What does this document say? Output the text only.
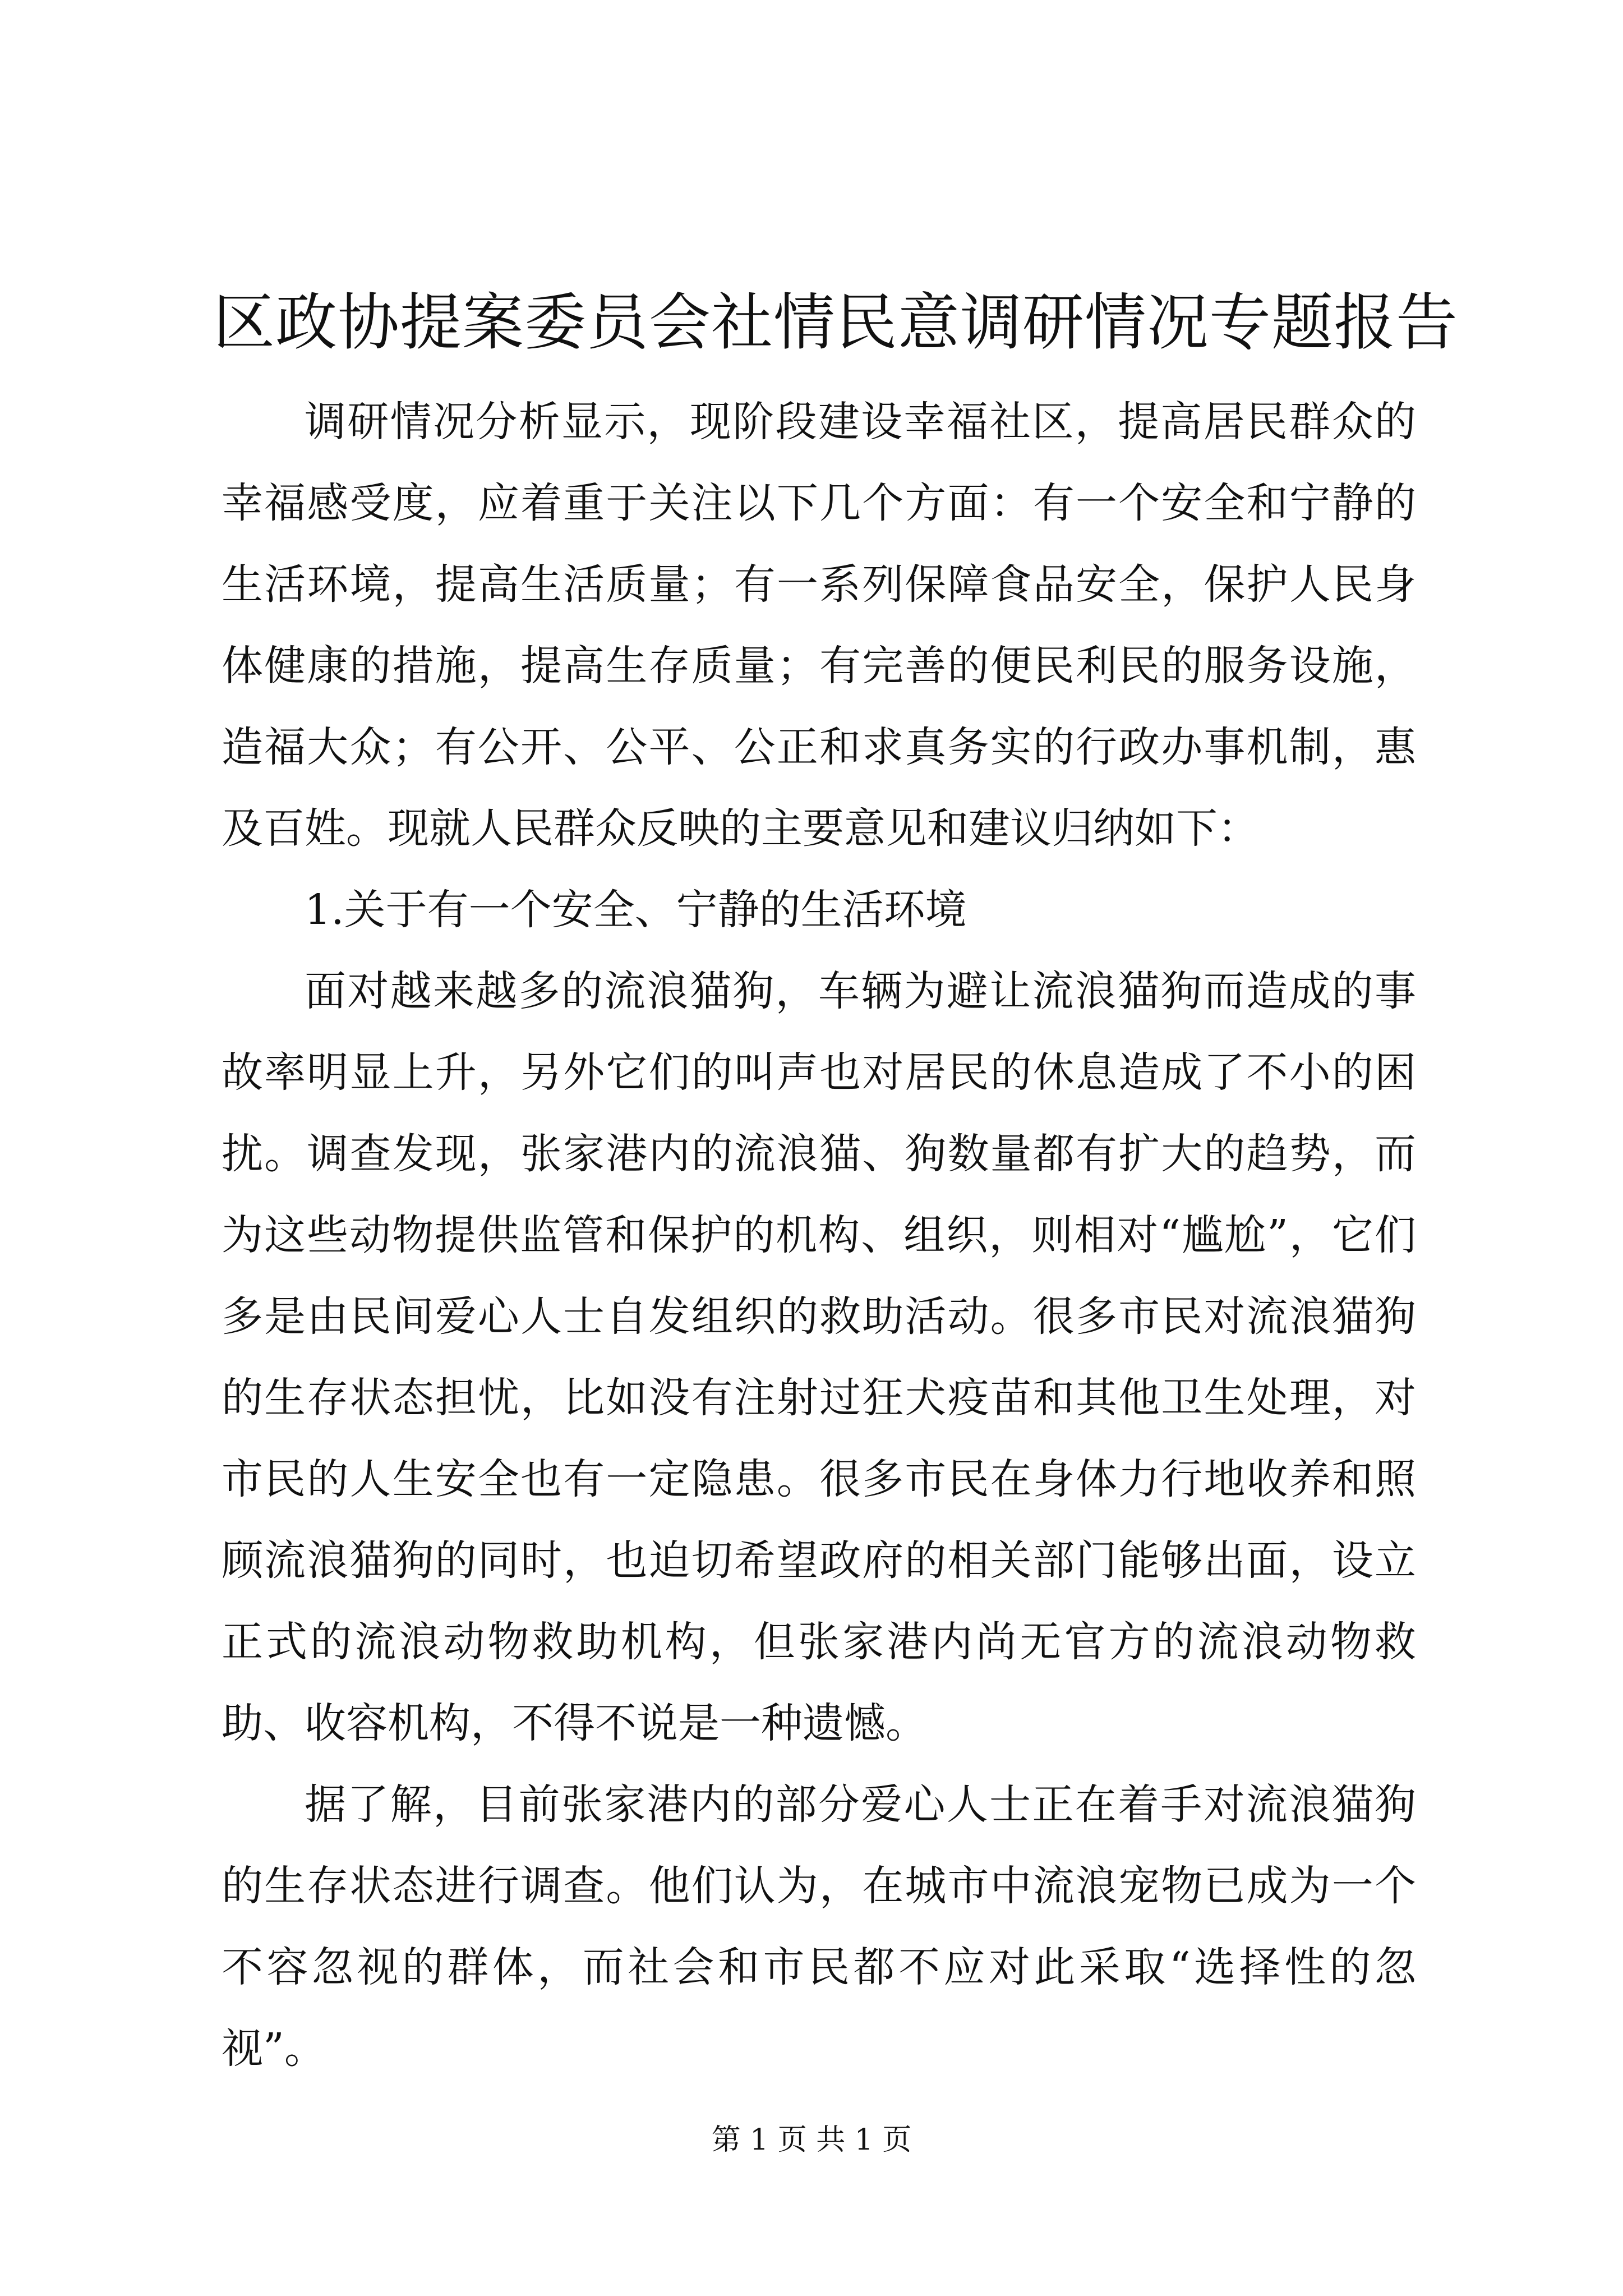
区政协提案委员会社情民意调研情况专题报告

调研情况分析显示，现阶段建设幸福社区，提高居民群众的幸福感受度，应着重于关注以下几个方面：有一个安全和宁静的生活环境，提高生活质量；有一系列保障食品安全，保护人民身体健康的措施，提高生存质量；有完善的便民利民的服务设施，造福大众；有公开、公平、公正和求真务实的行政办事机制，惠及百姓。现就人民群众反映的主要意见和建议归纳如下：

1.关于有一个安全、宁静的生活环境

面对越来越多的流浪猫狗，车辆为避让流浪猫狗而造成的事故率明显上升，另外它们的叫声也对居民的休息造成了不小的困扰。调查发现，张家港内的流浪猫、狗数量都有扩大的趋势，而为这些动物提供监管和保护的机构、组织，则相对“尴尬”，它们多是由民间爱心人士自发组织的救助活动。很多市民对流浪猫狗的生存状态担忧，比如没有注射过狂犬疫苗和其他卫生处理，对市民的人生安全也有一定隐患。很多市民在身体力行地收养和照顾流浪猫狗的同时，也迫切希望政府的相关部门能够出面，设立正式的流浪动物救助机构，但张家港内尚无官方的流浪动物救助、收容机构，不得不说是一种遗憾。

据了解，目前张家港内的部分爱心人士正在着手对流浪猫狗的生存状态进行调查。他们认为，在城市中流浪宠物已成为一个不容忽视的群体，而社会和市民都不应对此采取“选择性的忽视”。

第 1 页 共 1 页
